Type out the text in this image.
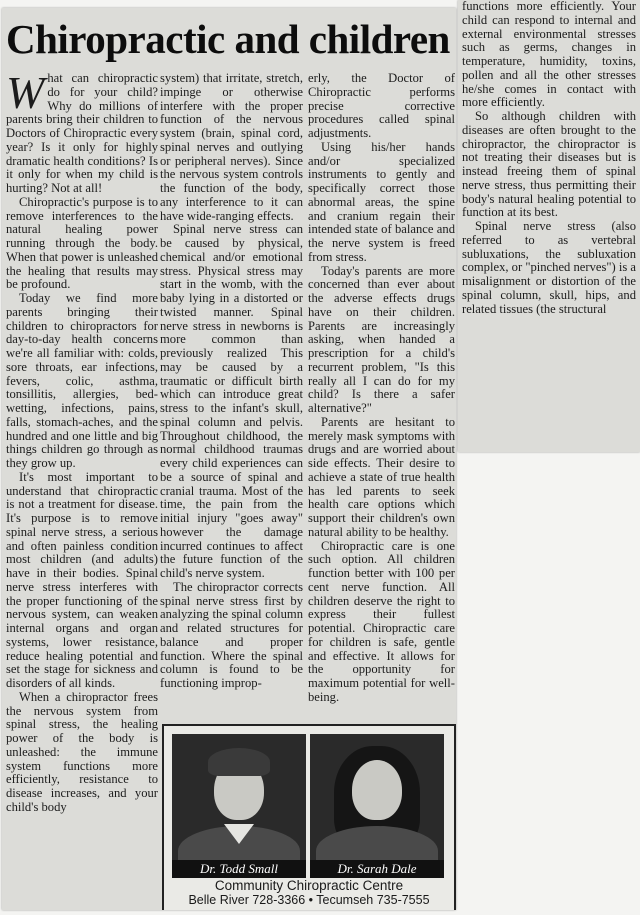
Chiropractic and children

What can chiropractic do for your child? Why do millions of parents bring their children to Doctors of Chiropractic every year? Is it only for highly dramatic health conditions? Is it only for when my child is hurting? Not at all!

Chiropractic's purpose is to remove interferences to the natural healing power running through the body. When that power is unleashed the healing that results may be profound.

Today we find more parents bringing their children to chiropractors for day-to-day health concerns we're all familiar with: colds, sore throats, ear infections, fevers, colic, asthma, tonsillitis, allergies, bed-wetting, infections, pains, falls, stomach-aches, and the hundred and one little and big things children go through as they grow up.

It's most important to understand that chiropractic is not a treatment for disease. It's purpose is to remove spinal nerve stress, a serious and often painless condition most children (and adults) have in their bodies. Spinal nerve stress interferes with the proper functioning of the nervous system, can weaken internal organs and organ systems, lower resistance, reduce healing potential and set the stage for sickness and disorders of all kinds.

When a chiropractor frees the nervous system from spinal stress, the healing power of the body is unleashed: the immune system functions more efficiently, resistance to disease increases, and your child's body

system) that irritate, stretch, impinge or otherwise interfere with the proper function of the nervous system (brain, spinal cord, spinal nerves and outlying or peripheral nerves). Since the nervous system controls the function of the body, any interference to it can have wide-ranging effects.

Spinal nerve stress can be caused by physical, chemical and/or emotional stress. Physical stress may start in the womb, with the baby lying in a distorted or twisted manner. Spinal nerve stress in newborns is more common than previously realized This may be caused by a traumatic or difficult birth which can introduce great stress to the infant's skull, spinal column and pelvis. Throughout childhood, the normal childhood traumas every child experiences can be a source of spinal and cranial trauma. Most of the time, the pain from the initial injury "goes away" however the damage incurred continues to affect the future function of the child's nerve system.

The chiropractor corrects spinal nerve stress first by analyzing the spinal column and related structures for balance and proper function. Where the spinal column is found to be functioning improp-

erly, the Doctor of Chiropractic performs precise corrective procedures called spinal adjustments.

Using his/her hands and/or specialized instruments to gently and specifically correct those abnormal areas, the spine and cranium regain their intended state of balance and the nerve system is freed from stress.

Today's parents are more concerned than ever about the adverse effects drugs have on their children. Parents are increasingly asking, when handed a prescription for a child's recurrent problem, "Is this really all I can do for my child? Is there a safer alternative?"

Parents are hesitant to merely mask symptoms with drugs and are worried about side effects. Their desire to achieve a state of true health has led parents to seek health care options which support their children's own natural ability to be healthy.

Chiropractic care is one such option. All children function better with 100 per cent nerve function. All children deserve the right to express their fullest potential. Chiropractic care for children is safe, gentle and effective. It allows for the opportunity for maximum potential for well-being.

Dr. Todd Small	Dr. Sarah Dale
Community Chiropractic Centre
Belle River 728-3366 • Tecumseh 735-7555

functions more efficiently. Your child can respond to internal and external environmental stresses such as germs, changes in temperature, humidity, toxins, pollen and all the other stresses he/she comes in contact with more efficiently.

So although children with diseases are often brought to the chiropractor, the chiropractor is not treating their diseases but is instead freeing them of spinal nerve stress, thus permitting their body's natural healing potential to function at its best.

Spinal nerve stress (also referred to as vertebral subluxations, the subluxation complex, or "pinched nerves") is a misalignment or distortion of the spinal column, skull, hips, and related tissues (the structural
